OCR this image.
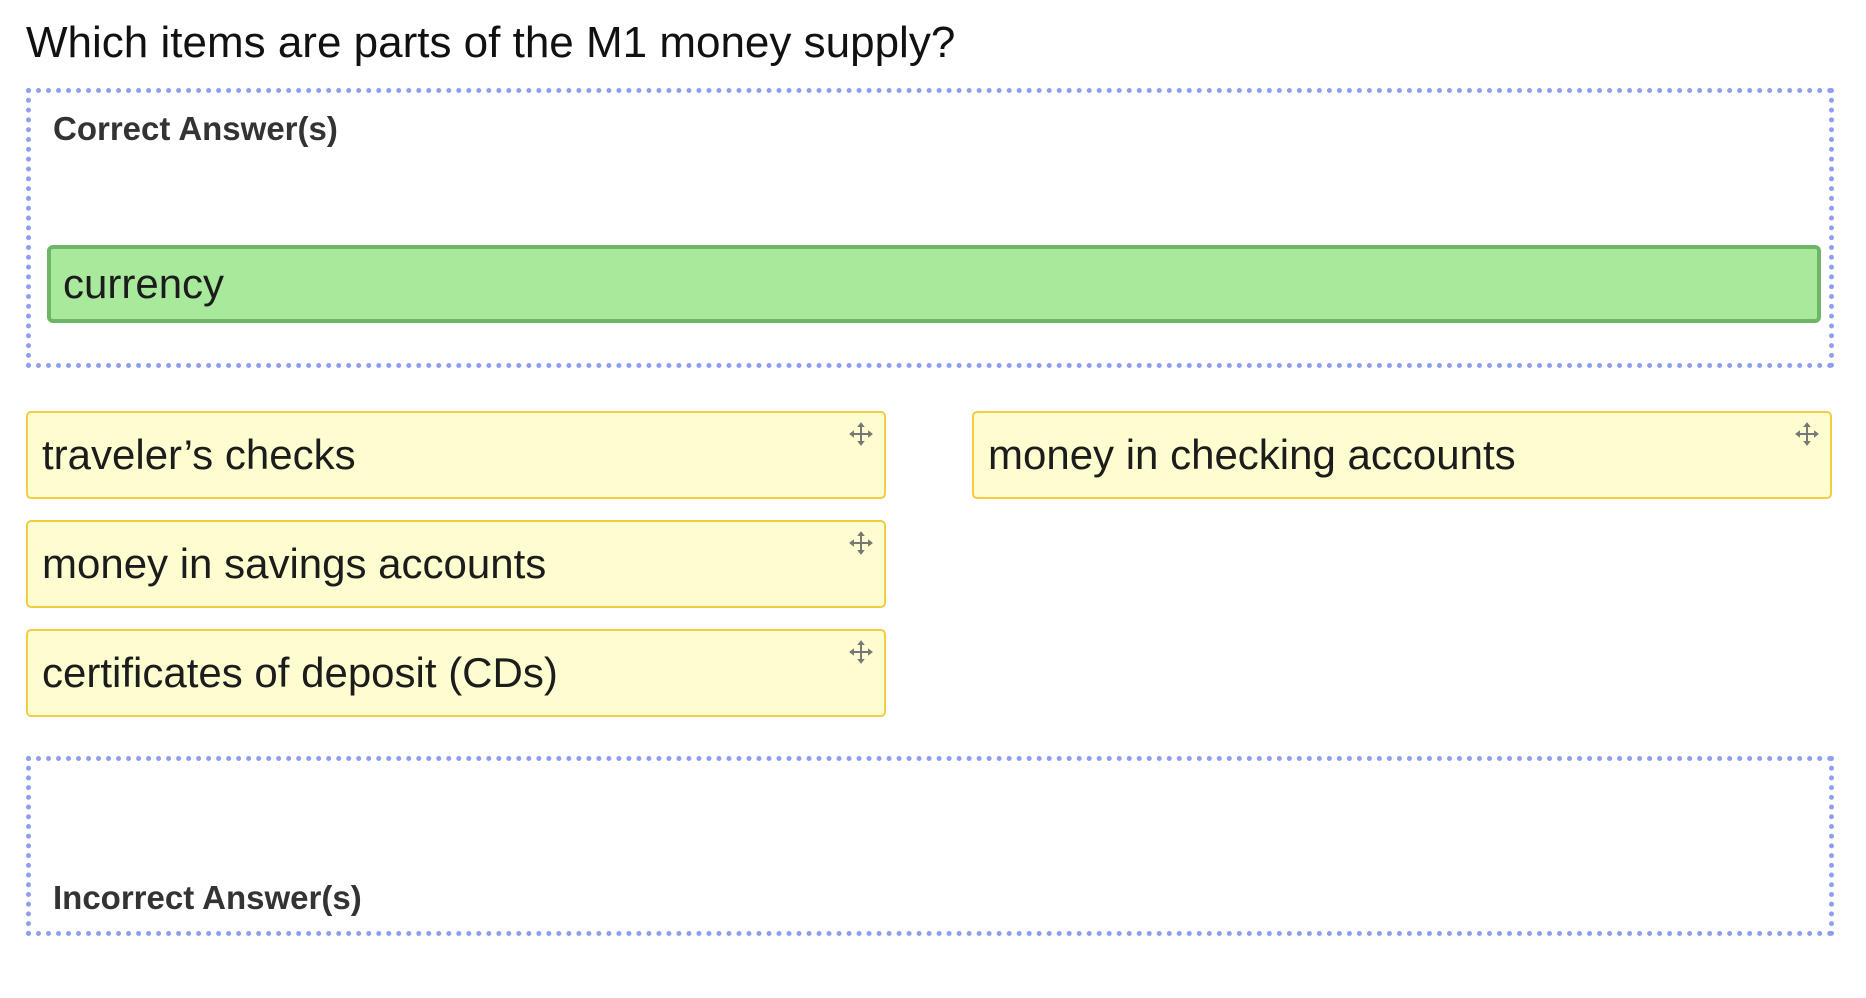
Which items are parts of the M1 money supply?

Correct Answer(s)

currency
traveler’s checks	money in checking accounts
money in savings accounts
certificates of deposit (CDs)

Incorrect Answer(s)
